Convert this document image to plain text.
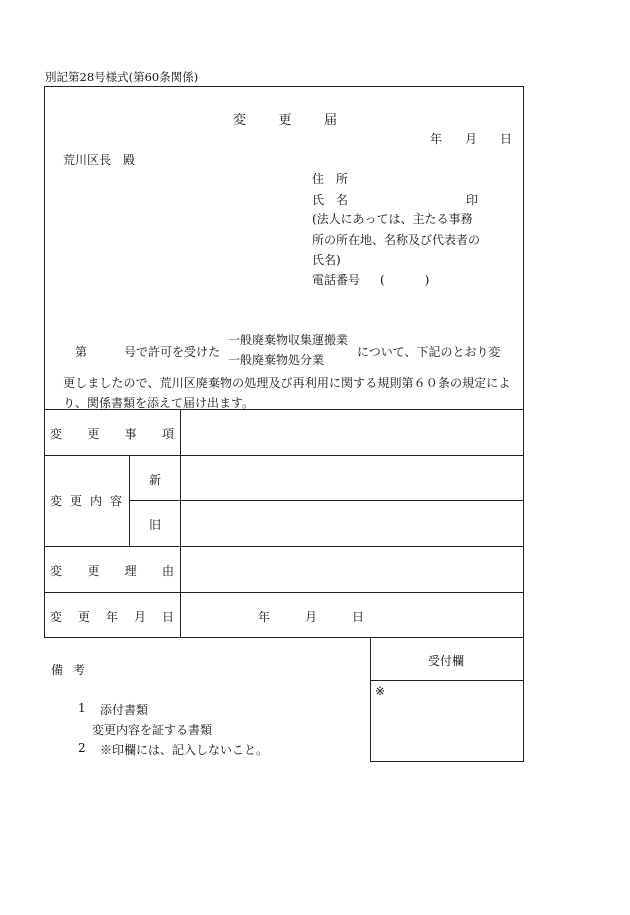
別記第28号様式(第60条関係)
変 更 届
年 月 日
荒川区長　殿
住　所
氏　名	印
(法人にあっては、主たる事務
所の所在地、名称及び代表者の
氏名)
電話番号 (　　　)
第	号で許可を受けた
一般廃棄物収集運搬業
一般廃棄物処分業
について、下記のとおり変
更しましたので、荒川区廃棄物の処理及び再利用に関する規則第６０条の規定によ
り、関係書類を添えて届け出ます。
変 更 事 項
変 更 内 容
新
旧
変 更 理 由
変 更 年 月 日	年	月	日
備 考
1 添付書類
変更内容を証する書類
2 ※印欄には、記入しないこと。
受付欄
※
